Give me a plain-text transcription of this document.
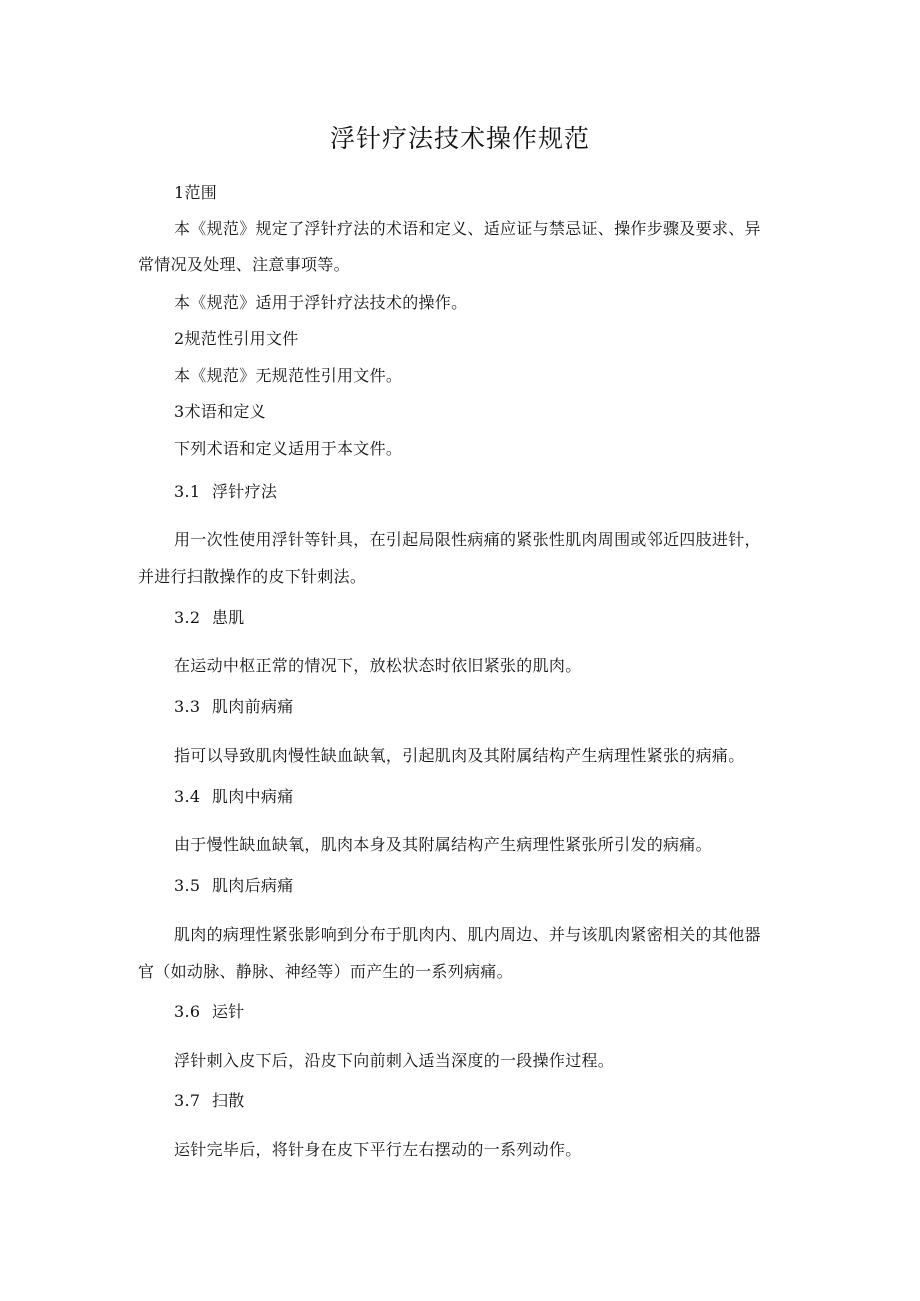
浮针疗法技术操作规范
1范围
本《规范》规定了浮针疗法的术语和定义、适应证与禁忌证、操作步骤及要求、异
常情况及处理、注意事项等。
本《规范》适用于浮针疗法技术的操作。
2规范性引用文件
本《规范》无规范性引用文件。
3术语和定义
下列术语和定义适用于本文件。
3.1 浮针疗法
用一次性使用浮针等针具，在引起局限性病痛的紧张性肌肉周围或邻近四肢进针，
并进行扫散操作的皮下针刺法。
3.2 患肌
在运动中枢正常的情况下，放松状态时依旧紧张的肌肉。
3.3 肌肉前病痛
指可以导致肌肉慢性缺血缺氧，引起肌肉及其附属结构产生病理性紧张的病痛。
3.4 肌肉中病痛
由于慢性缺血缺氧，肌肉本身及其附属结构产生病理性紧张所引发的病痛。
3.5 肌肉后病痛
肌肉的病理性紧张影响到分布于肌肉内、肌内周边、并与该肌肉紧密相关的其他器
官（如动脉、静脉、神经等）而产生的一系列病痛。
3.6 运针
浮针刺入皮下后，沿皮下向前刺入适当深度的一段操作过程。
3.7 扫散
运针完毕后，将针身在皮下平行左右摆动的一系列动作。
